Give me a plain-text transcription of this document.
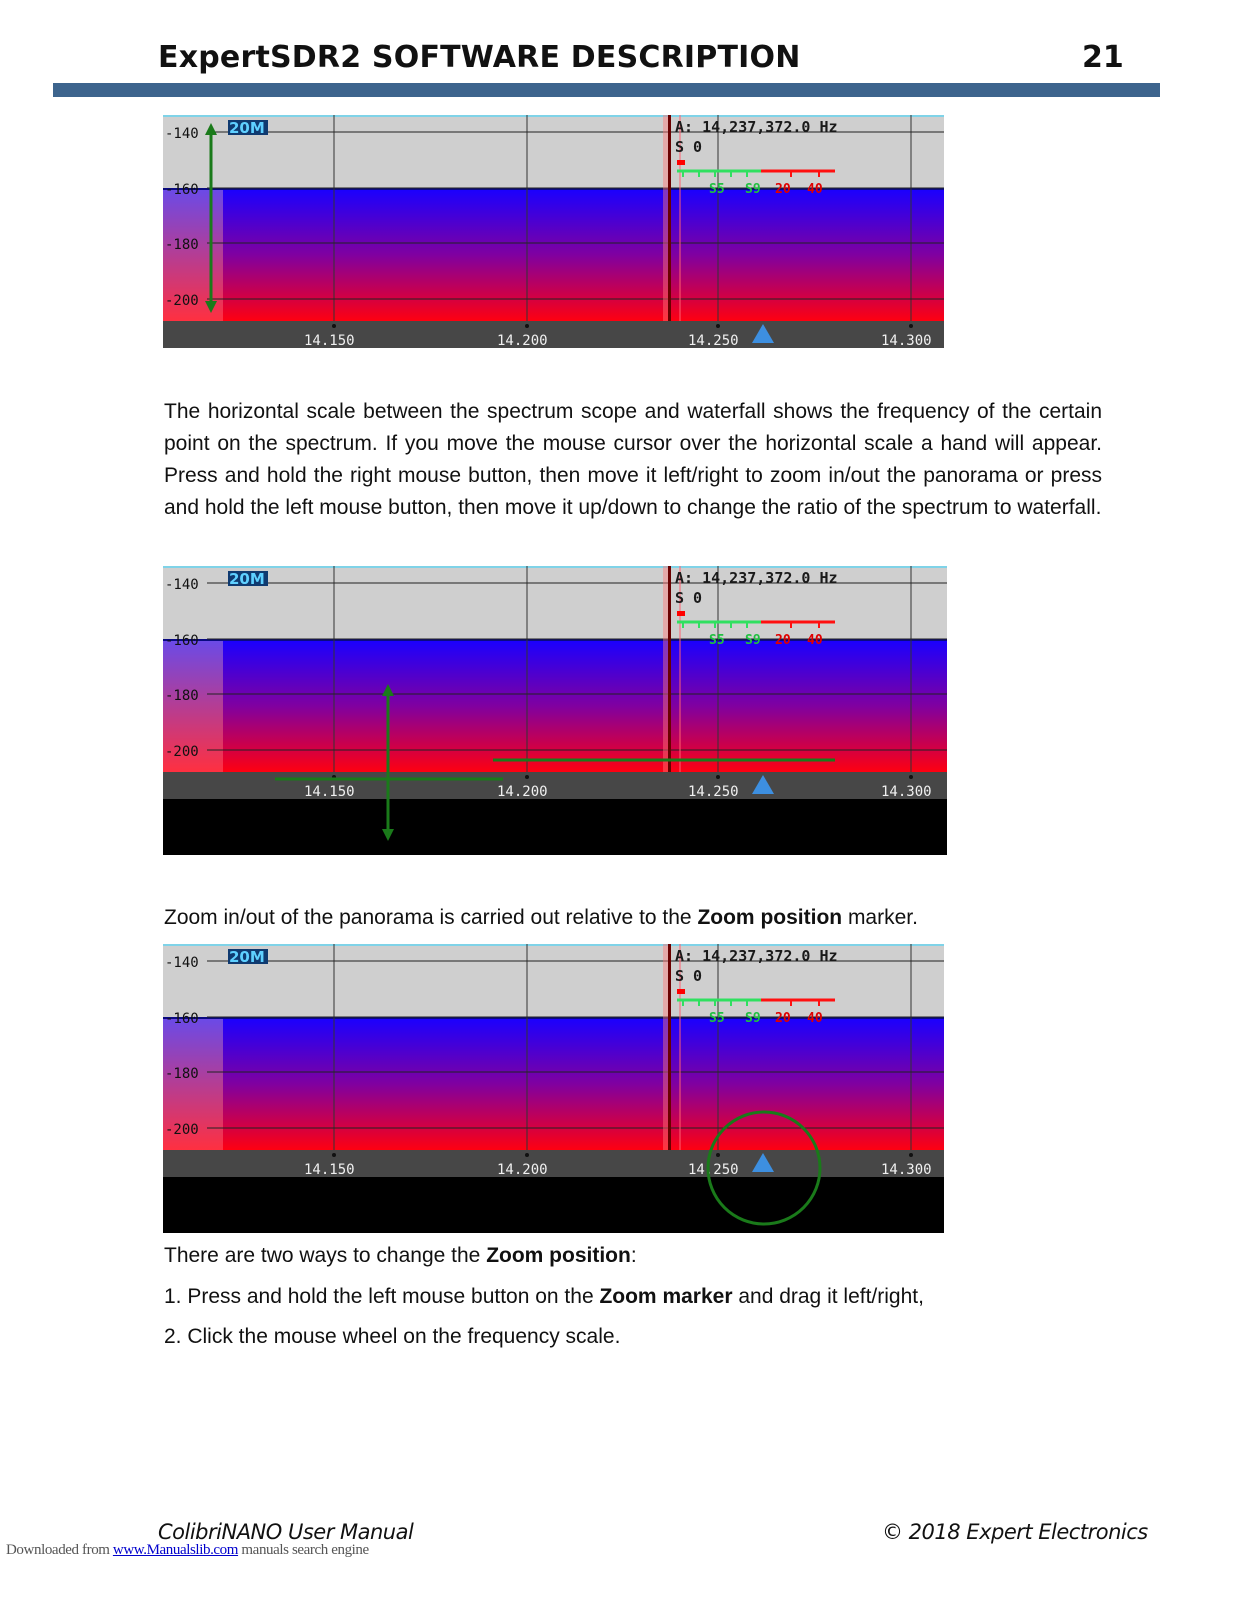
ExpertSDR2 SOFTWARE DESCRIPTION	21
-140
-160
-180
-200
20M	A: 14,237,372.0 Hz
S 0
S5 S9 20 40
14.150	14.200	14.250	14.300

The horizontal scale between the spectrum scope and waterfall shows the frequency of the certain point on the spectrum. If you move the mouse cursor over the horizontal scale a hand will appear. Press and hold the right mouse button, then move it left/right to zoom in/out the panorama or press and hold the left mouse button, then move it up/down to change the ratio of the spectrum to waterfall.

-140
-160
-180
-200
20M	A: 14,237,372.0 Hz
S 0
S5 S9 20 40
14.150	14.200	14.250	14.300
Zoom in/out of the panorama is carried out relative to the Zoom position marker.
-140
-160
-180
-200
20M	A: 14,237,372.0 Hz
S 0
S5 S9 20 40
14.150	14.200	14.250	14.300
There are two ways to change the Zoom position:
1. Press and hold the left mouse button on the Zoom marker and drag it left/right,
2. Click the mouse wheel on the frequency scale.
ColibriNANO User Manual	© 2018 Expert Electronics
Downloaded from www.Manualslib.com manuals search engine
